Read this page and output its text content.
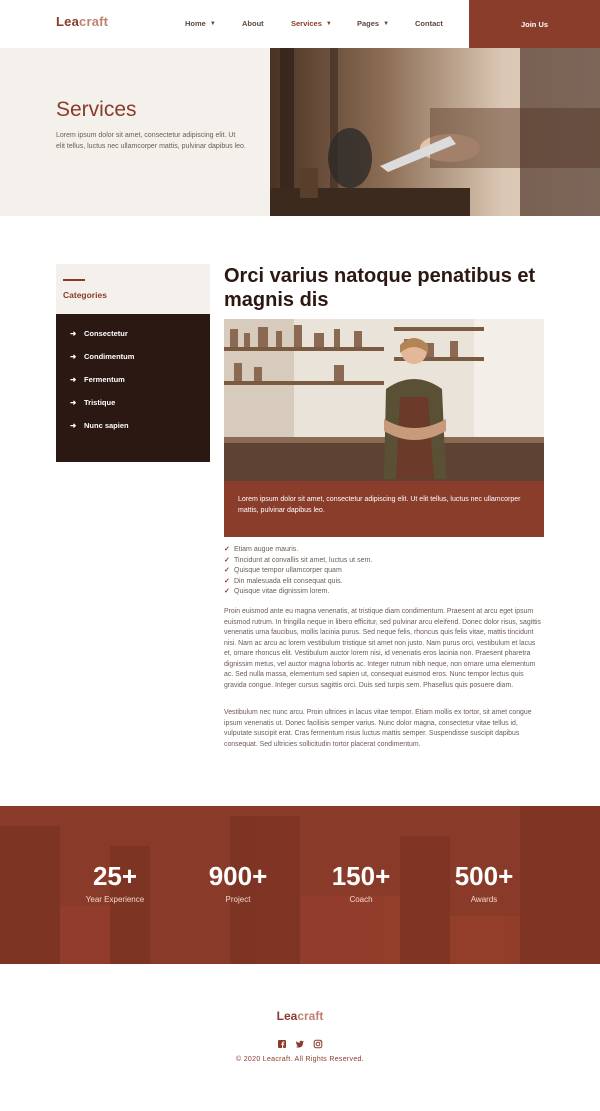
Leacraft	Home ▼	About	Services ▼	Pages ▼	Contact	Join Us
Services

Lorem ipsum dolor sit amet, consectetur adipiscing elit. Ut elit tellus, luctus nec ullamcorper mattis, pulvinar dapibus leo.

Categories
➜ Consectetur
➜ Condimentum
➜ Fermentum
➜ Tristique
➜ Nunc sapien
Orci varius natoque penatibus et magnis dis
Lorem ipsum dolor sit amet, consectetur adipiscing elit. Ut elit tellus, luctus nec ullamcorper mattis, pulvinar dapibus leo.
✓ Etiam augue mauris.
✓ Tincidunt at convallis sit amet, luctus ut sem.
✓ Quisque tempor ullamcorper quam
✓ Din malesuada elit consequat quis.
✓ Quisque vitae dignissim lorem.

Proin euismod ante eu magna venenatis, at tristique diam condimentum. Praesent at arcu eget ipsum euismod rutrum. In fringilla neque in libero efficitur, sed pulvinar arcu eleifend. Donec dolor risus, sagittis venenatis urna faucibus, mollis lacinia purus. Sed neque felis, rhoncus quis felis vitae, mattis tincidunt nisi. Nam ac arcu ac lorem vestibulum tristique sit amet non justo. Nam purus orci, vestibulum et lacus et, ornare rhoncus elit. Vestibulum auctor lorem nisi, id venenatis eros lacinia non. Praesent pharetra dignissim metus, vel auctor magna lobortis ac. Integer rutrum nibh neque, non ornare urna elementum ac. Sed nulla massa, elementum sed sapien ut, consequat euismod eros. Nunc tempor lectus quis gravida congue. Integer cursus sagittis orci. Duis sed turpis sem. Phasellus quis posuere diam.

Vestibulum nec nunc arcu. Proin ultrices in lacus vitae tempor. Etiam mollis ex tortor, sit amet congue ipsum venenatis ut. Donec facilisis semper varius. Nunc dolor magna, consectetur vitae tellus id, vulputate suscipit erat. Cras fermentum risus luctus mattis semper. Suspendisse suscipit dapibus consequat. Sed ultricies sollicitudin tortor placerat condimentum.

25+
Year Experience
900+
Project
150+
Coach
500+
Awards
Leacraft
© 2020 Leacraft. All Rights Reserved.
